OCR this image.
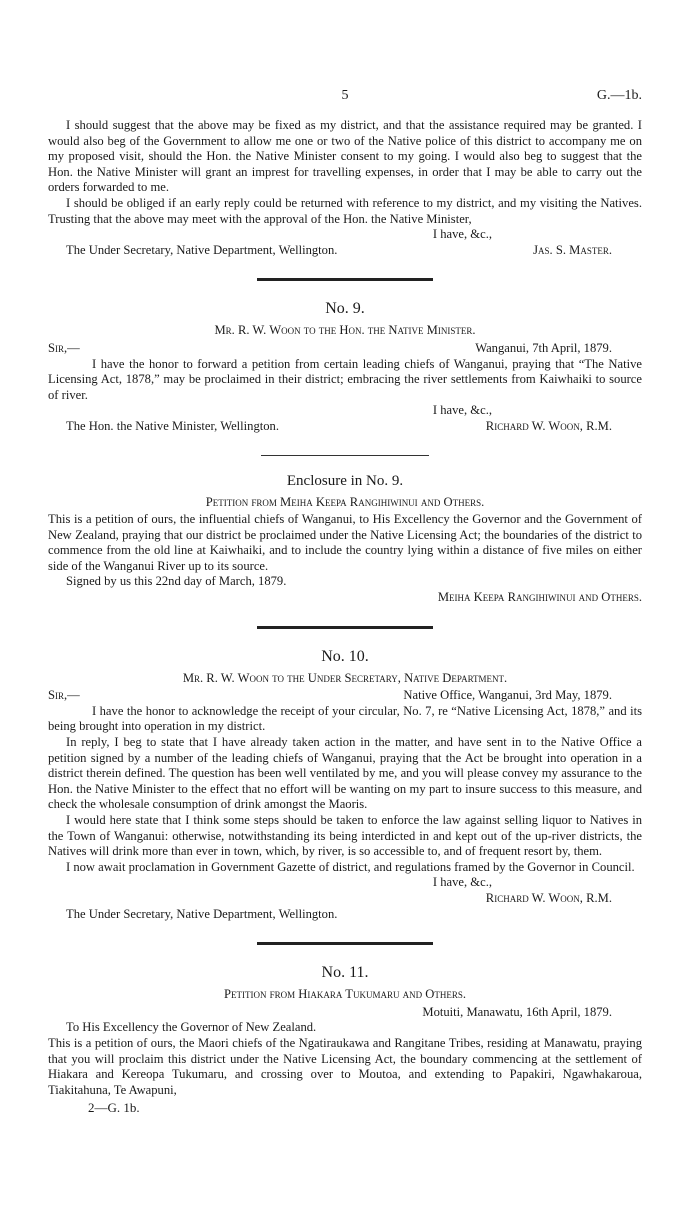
5	G.—1b.

I should suggest that the above may be fixed as my district, and that the assistance required may be granted. I would also beg of the Government to allow me one or two of the Native police of this district to accompany me on my proposed visit, should the Hon. the Native Minister consent to my going. I would also beg to suggest that the Hon. the Native Minister will grant an imprest for travelling expenses, in order that I may be able to carry out the orders forwarded to me.

I should be obliged if an early reply could be returned with reference to my district, and my visiting the Natives. Trusting that the above may meet with the approval of the Hon. the Native Minister,

I have, &c.,
The Under Secretary, Native Department, Wellington.	Jas. S. Master.
No. 9.
Mr. R. W. Woon to the Hon. the Native Minister.
Sir,—	Wanganui, 7th April, 1879.

I have the honor to forward a petition from certain leading chiefs of Wanganui, praying that “The Native Licensing Act, 1878,” may be proclaimed in their district; embracing the river settlements from Kaiwhaiki to source of river.

I have, &c.,
The Hon. the Native Minister, Wellington.	Richard W. Woon, R.M.
Enclosure in No. 9.
Petition from Meiha Keepa Rangihiwinui and Others.

This is a petition of ours, the influential chiefs of Wanganui, to His Excellency the Governor and the Government of New Zealand, praying that our district be proclaimed under the Native Licensing Act; the boundaries of the district to commence from the old line at Kaiwhaiki, and to include the country lying within a distance of five miles on either side of the Wanganui River up to its source.

Signed by us this 22nd day of March, 1879.
Meiha Keepa Rangihiwinui and Others.
No. 10.
Mr. R. W. Woon to the Under Secretary, Native Department.
Sir,—	Native Office, Wanganui, 3rd May, 1879.

I have the honor to acknowledge the receipt of your circular, No. 7, re “Native Licensing Act, 1878,” and its being brought into operation in my district.

In reply, I beg to state that I have already taken action in the matter, and have sent in to the Native Office a petition signed by a number of the leading chiefs of Wanganui, praying that the Act be brought into operation in a district therein defined. The question has been well ventilated by me, and you will please convey my assurance to the Hon. the Native Minister to the effect that no effort will be wanting on my part to insure success to this measure, and check the wholesale consumption of drink amongst the Maoris.

I would here state that I think some steps should be taken to enforce the law against selling liquor to Natives in the Town of Wanganui: otherwise, notwithstanding its being interdicted in and kept out of the up-river districts, the Natives will drink more than ever in town, which, by river, is so accessible to, and of frequent resort by, them.

I now await proclamation in Government Gazette of district, and regulations framed by the Governor in Council.

I have, &c.,
Richard W. Woon, R.M.
The Under Secretary, Native Department, Wellington.
No. 11.
Petition from Hiakara Tukumaru and Others.
Motuiti, Manawatu, 16th April, 1879.
To His Excellency the Governor of New Zealand.

This is a petition of ours, the Maori chiefs of the Ngatiraukawa and Rangitane Tribes, residing at Manawatu, praying that you will proclaim this district under the Native Licensing Act, the boundary commencing at the settlement of Hiakara and Kereopa Tukumaru, and crossing over to Moutoa, and extending to Papakiri, Ngawhakaroua, Tiakitahuna, Te Awapuni,

2—G. 1b.
